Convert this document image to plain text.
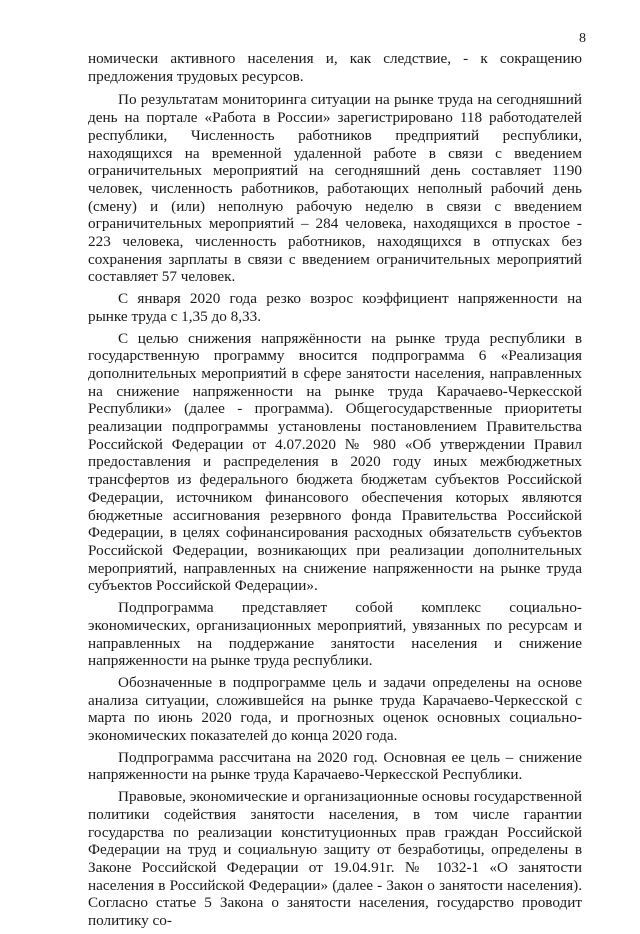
8

номически активного населения и, как следствие, - к сокращению предложения трудовых ресурсов.

По результатам мониторинга ситуации на рынке труда на сегодняшний день на портале «Работа в России» зарегистрировано 118 работодателей республики, Численность работников предприятий республики, находящихся на временной удаленной работе в связи с введением ограничительных мероприятий на сегодняшний день составляет 1190 человек, численность работников, работающих неполный рабочий день (смену) и (или) неполную рабочую неделю в связи с введением ограничительных мероприятий – 284 человека, находящихся в простое - 223 человека, численность работников, находящихся в отпусках без сохранения зарплаты в связи с введением ограничительных мероприятий составляет 57 человек.

С января 2020 года резко возрос коэффициент напряженности на рынке труда с 1,35 до 8,33.

С целью снижения напряжённости на рынке труда республики в государственную программу вносится подпрограмма 6 «Реализация дополнительных мероприятий в сфере занятости населения, направленных на снижение напряженности на рынке труда Карачаево-Черкесской Республики» (далее - программа). Общегосударственные приоритеты реализации подпрограммы установлены постановлением Правительства Российской Федерации от 4.07.2020 № 980 «Об утверждении Правил предоставления и распределения в 2020 году иных межбюджетных трансфертов из федерального бюджета бюджетам субъектов Российской Федерации, источником финансового обеспечения которых являются бюджетные ассигнования резервного фонда Правительства Российской Федерации, в целях софинансирования расходных обязательств субъектов Российской Федерации, возникающих при реализации дополнительных мероприятий, направленных на снижение напряженности на рынке труда субъектов Российской Федерации».

Подпрограмма представляет собой комплекс социально-экономических, организационных мероприятий, увязанных по ресурсам и направленных на поддержание занятости населения и снижение напряженности на рынке труда республики.

Обозначенные в подпрограмме цель и задачи определены на основе анализа ситуации, сложившейся на рынке труда Карачаево-Черкесской с марта по июнь 2020 года, и прогнозных оценок основных социально-экономических показателей до конца 2020 года.

Подпрограмма рассчитана на 2020 год. Основная ее цель – снижение напряженности на рынке труда Карачаево-Черкесской Республики.

Правовые, экономические и организационные основы государственной политики содействия занятости населения, в том числе гарантии государства по реализации конституционных прав граждан Российской Федерации на труд и социальную защиту от безработицы, определены в Законе Российской Федерации от 19.04.91г. № 1032-1 «О занятости населения в Российской Федерации» (далее - Закон о занятости населения). Согласно статье 5 Закона о занятости населения, государство проводит политику со-
